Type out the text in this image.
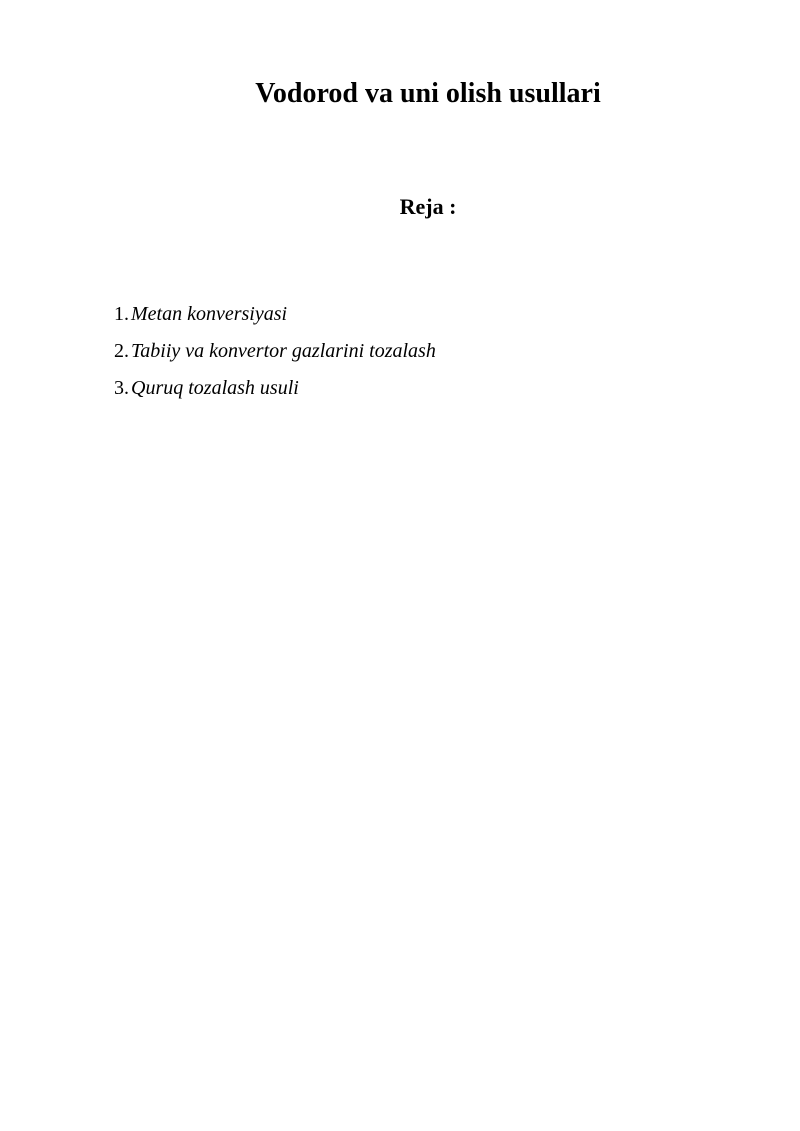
Vodorod va uni olish usullari
Reja :
1. Metan konversiyasi
2. Tabiiy va konvertor gazlarini tozalash
3. Quruq tozalash usuli
